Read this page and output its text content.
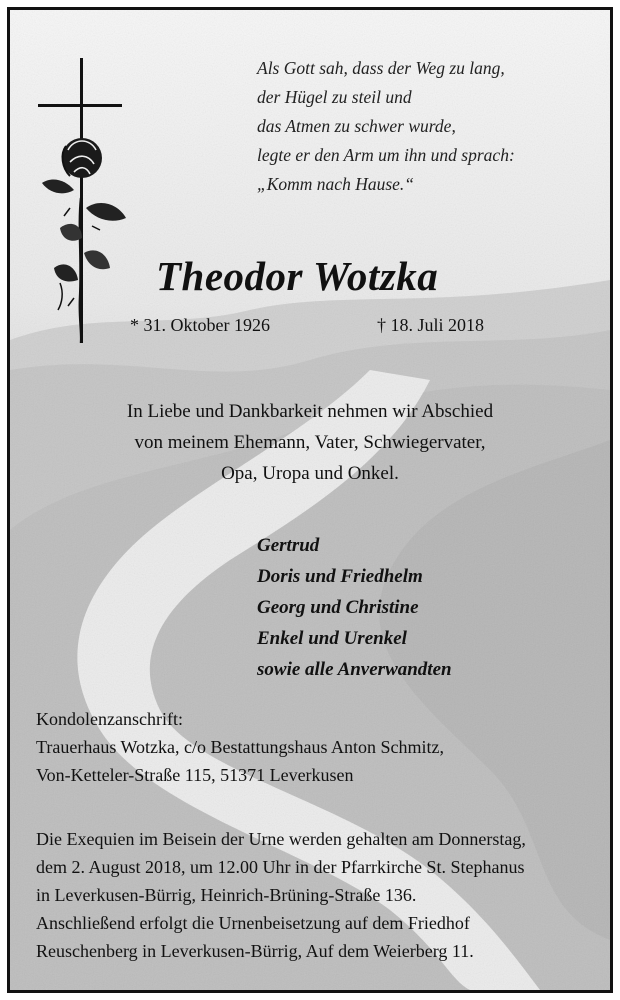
Als Gott sah, dass der Weg zu lang,
der Hügel zu steil und
das Atmen zu schwer wurde,
legte er den Arm um ihn und sprach:
„Komm nach Hause.“
Theodor Wotzka
* 31. Oktober 1926	† 18. Juli 2018
In Liebe und Dankbarkeit nehmen wir Abschied
von meinem Ehemann, Vater, Schwiegervater,
Opa, Uropa und Onkel.
Gertrud
Doris und Friedhelm
Georg und Christine
Enkel und Urenkel
sowie alle Anverwandten
Kondolenzanschrift:
Trauerhaus Wotzka, c/o Bestattungshaus Anton Schmitz,
Von-Ketteler-Straße 115, 51371 Leverkusen
Die Exequien im Beisein der Urne werden gehalten am Donnerstag,
dem 2. August 2018, um 12.00 Uhr in der Pfarrkirche St. Stephanus
in Leverkusen-Bürrig, Heinrich-Brüning-Straße 136.
Anschließend erfolgt die Urnenbeisetzung auf dem Friedhof
Reuschenberg in Leverkusen-Bürrig, Auf dem Weierberg 11.
